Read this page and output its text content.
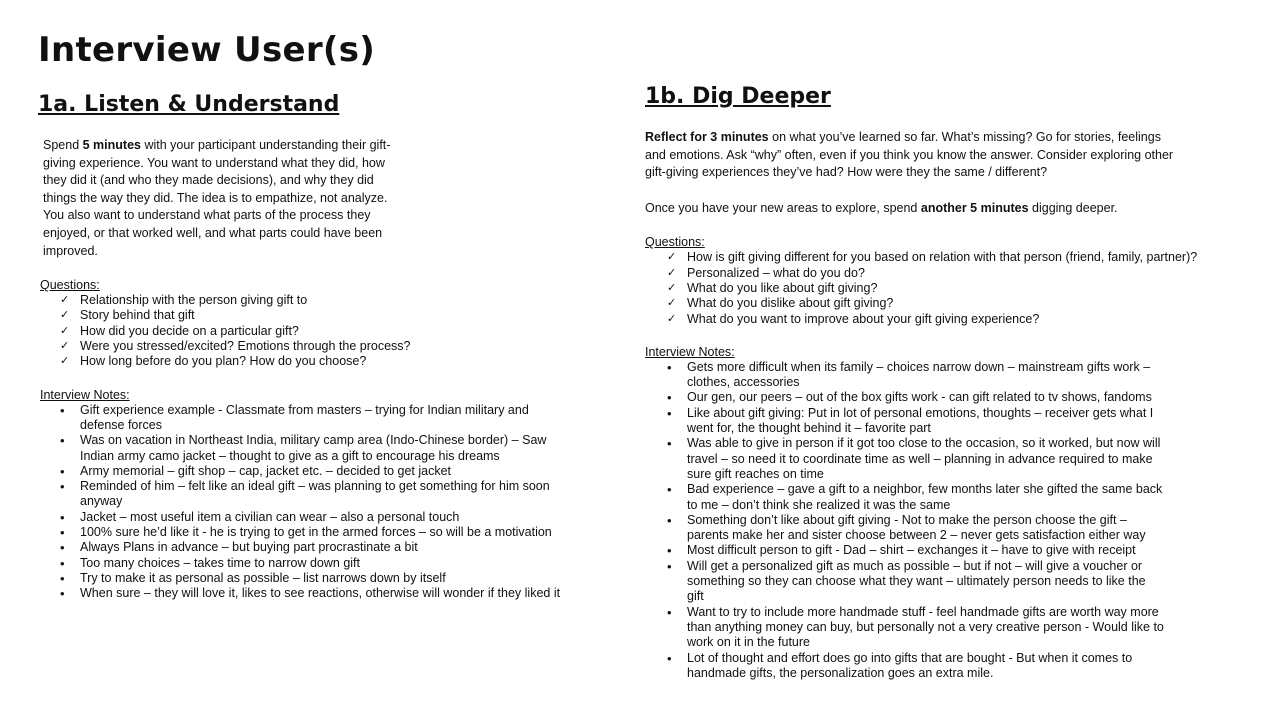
Interview User(s)
1a. Listen & Understand

Spend 5 minutes with your participant understanding their gift-giving experience. You want to understand what they did, how they did it (and who they made decisions), and why they did things the way they did. The idea is to empathize, not analyze. You also want to understand what parts of the process they enjoyed, or that worked well, and what parts could have been improved.

Questions:
✓ Relationship with the person giving gift to
✓ Story behind that gift
✓ How did you decide on a particular gift?
✓ Were you stressed/excited? Emotions through the process?
✓ How long before do you plan? How do you choose?
Interview Notes:
• Gift experience example - Classmate from masters – trying for Indian military and defense forces
• Was on vacation in Northeast India, military camp area (Indo-Chinese border) – Saw Indian army camo jacket – thought to give as a gift to encourage his dreams
• Army memorial – gift shop – cap, jacket etc. – decided to get jacket
• Reminded of him – felt like an ideal gift – was planning to get something for him soon anyway
• Jacket – most useful item a civilian can wear – also a personal touch
• 100% sure he’d like it - he is trying to get in the armed forces – so will be a motivation
• Always Plans in advance – but buying part procrastinate a bit
• Too many choices – takes time to narrow down gift
• Try to make it as personal as possible – list narrows down by itself
• When sure – they will love it, likes to see reactions, otherwise will wonder if they liked it
1b. Dig Deeper

Reflect for 3 minutes on what you’ve learned so far. What’s missing? Go for stories, feelings and emotions. Ask “why” often, even if you think you know the answer. Consider exploring other gift-giving experiences they’ve had? How were they the same / different?

Once you have your new areas to explore, spend another 5 minutes digging deeper.

Questions:
✓ How is gift giving different for you based on relation with that person (friend, family, partner)?
✓ Personalized – what do you do?
✓ What do you like about gift giving?
✓ What do you dislike about gift giving?
✓ What do you want to improve about your gift giving experience?
Interview Notes:
• Gets more difficult when its family – choices narrow down – mainstream gifts work – clothes, accessories
• Our gen, our peers – out of the box gifts work - can gift related to tv shows, fandoms
• Like about gift giving: Put in lot of personal emotions, thoughts – receiver gets what I went for, the thought behind it – favorite part
• Was able to give in person if it got too close to the occasion, so it worked, but now will travel – so need it to coordinate time as well – planning in advance required to make sure gift reaches on time
• Bad experience – gave a gift to a neighbor, few months later she gifted the same back to me – don’t think she realized it was the same
• Something don’t like about gift giving - Not to make the person choose the gift – parents make her and sister choose between 2 – never gets satisfaction either way
• Most difficult person to gift - Dad – shirt – exchanges it – have to give with receipt
• Will get a personalized gift as much as possible – but if not – will give a voucher or something so they can choose what they want – ultimately person needs to like the gift
• Want to try to include more handmade stuff - feel handmade gifts are worth way more than anything money can buy, but personally not a very creative person - Would like to work on it in the future
• Lot of thought and effort does go into gifts that are bought - But when it comes to handmade gifts, the personalization goes an extra mile.
